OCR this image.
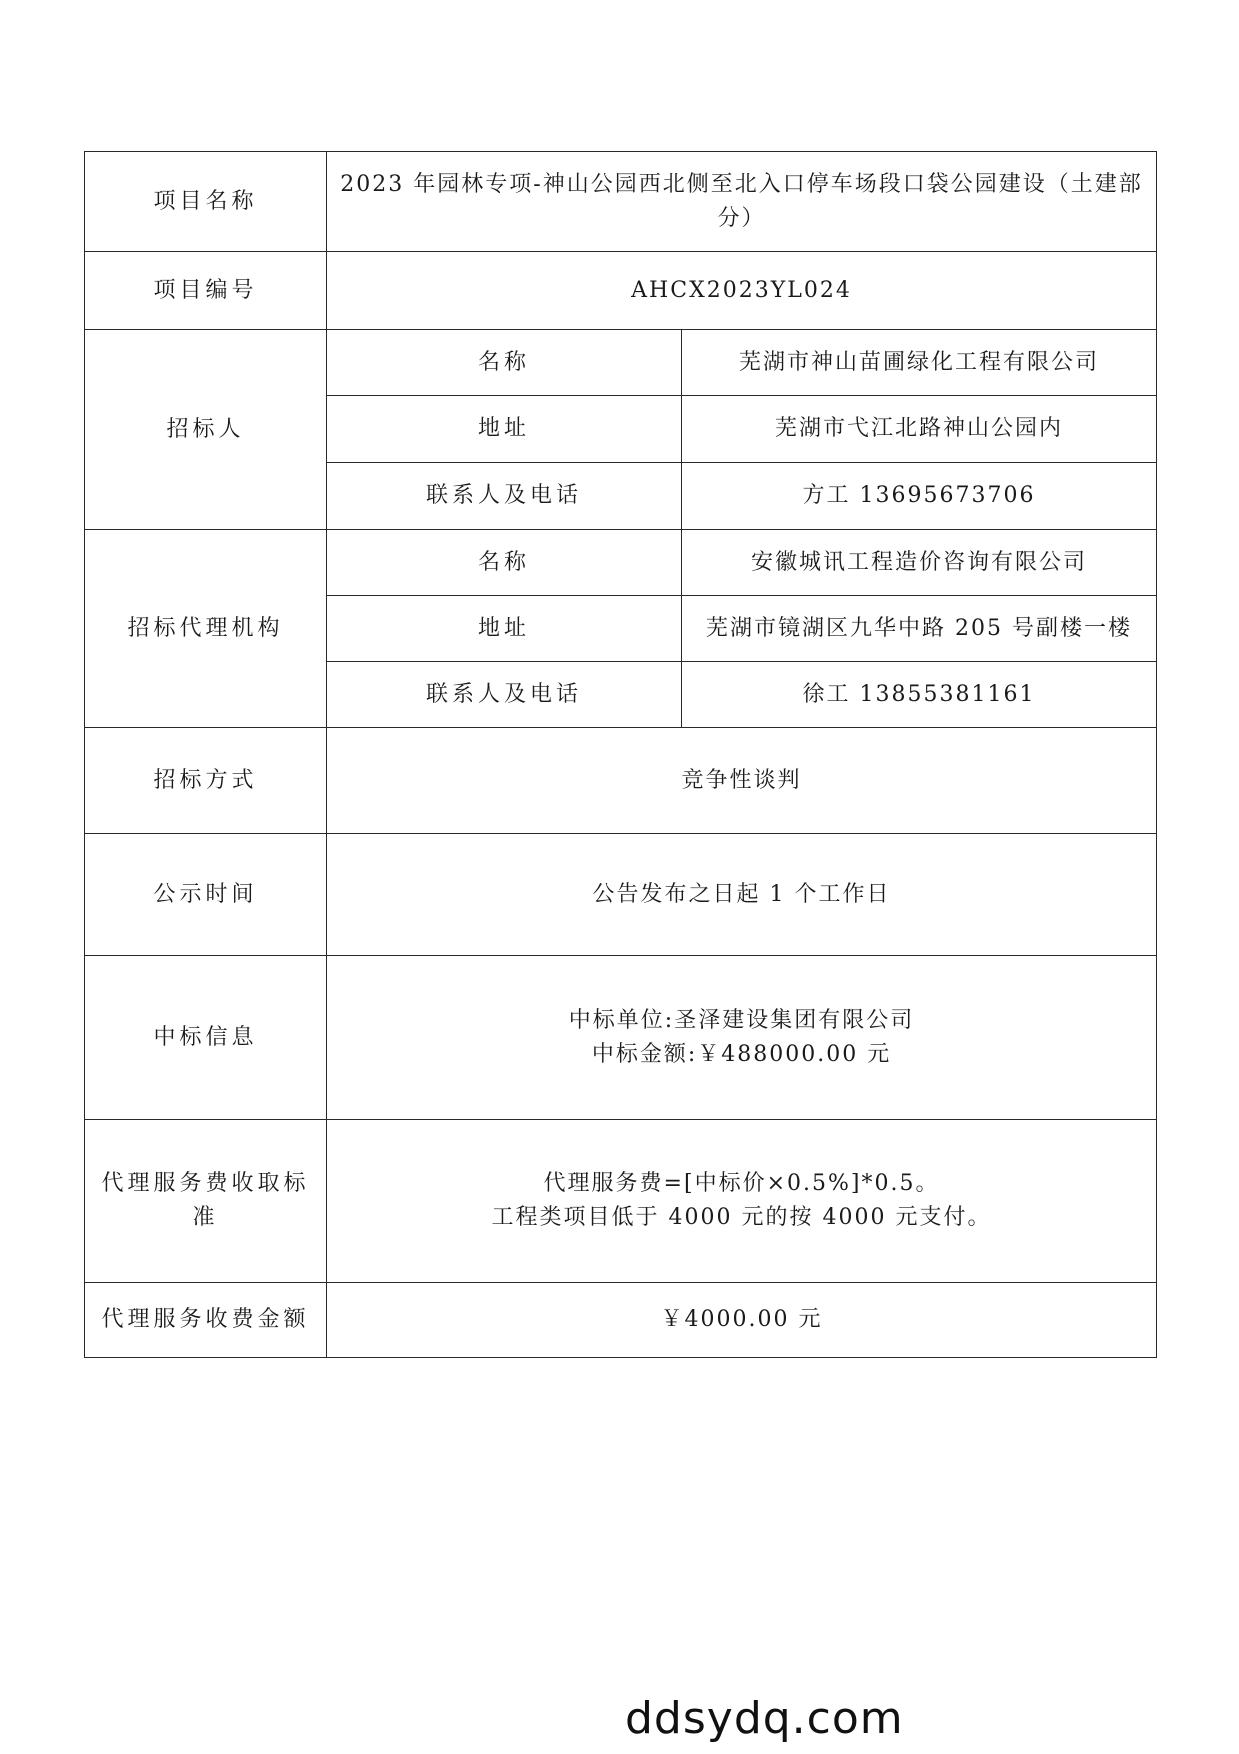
项目名称	2023 年园林专项-神山公园西北侧至北入口停车场段口袋公园建设（土建部分）	
项目编号	AHCX2023YL024	
招标人	名称	芜湖市神山苗圃绿化工程有限公司
	地址	芜湖市弋江北路神山公园内
	联系人及电话	方工 13695673706
招标代理机构	名称	安徽城讯工程造价咨询有限公司
	地址	芜湖市镜湖区九华中路 205 号副楼一楼
	联系人及电话	徐工 13855381161
招标方式	竞争性谈判	
公示时间	公告发布之日起 1 个工作日	
中标信息	中标单位:圣泽建设集团有限公司
中标金额:￥488000.00 元	

代理服务费收取标准	代理服务费=[中标价×0.5%]*0.5。
工程类项目低于 4000 元的按 4000 元支付。	

代理服务收费金额	￥4000.00 元	
ddsydq.com
